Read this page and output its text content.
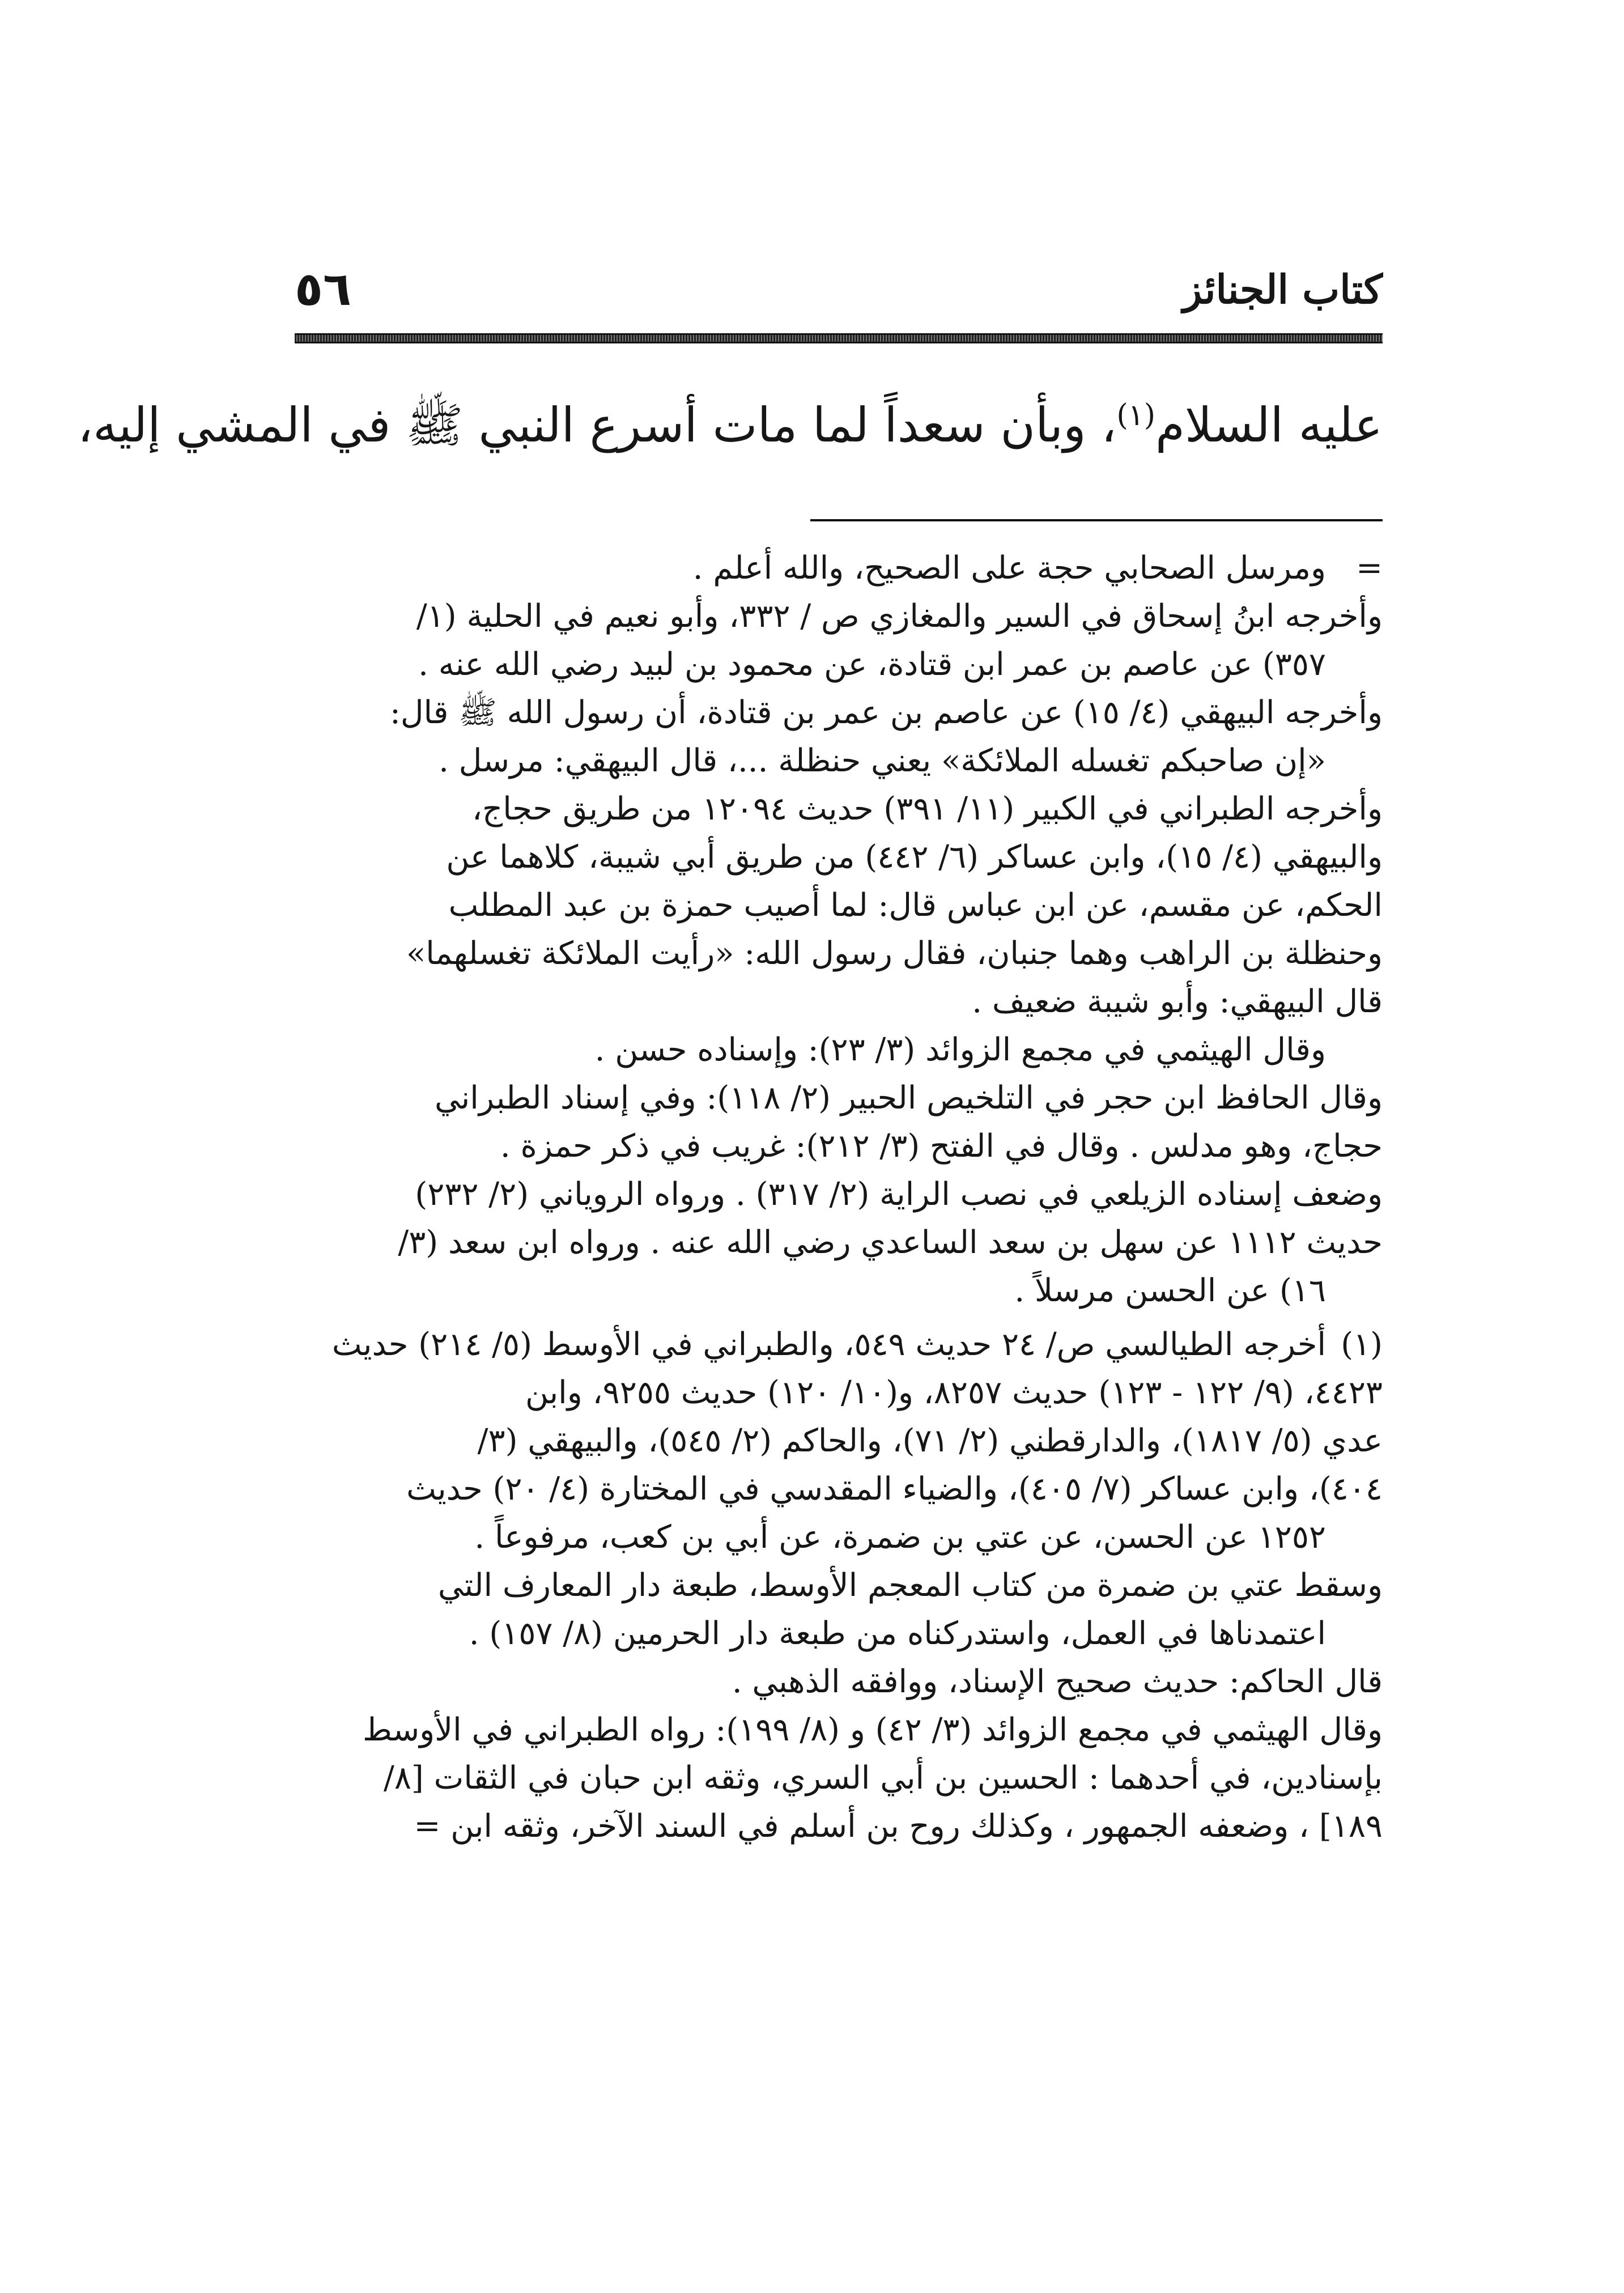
٥٦	كتاب الجنائز
عليه السلام$^{(١)}$، وبأن سعداً لما مات أسرع النبي ﷺ في المشي إليه،
=
ومرسل الصحابي حجة على الصحيح، والله أعلم .
وأخرجه ابنُ إسحاق في السير والمغازي ص / ٣٣٢، وأبو نعيم في الحلية (١/
٣٥٧) عن عاصم بن عمر ابن قتادة، عن محمود بن لبيد رضي الله عنه .
وأخرجه البيهقي (٤/ ١٥) عن عاصم بن عمر بن قتادة، أن رسول الله ﷺ قال:
«إن صاحبكم تغسله الملائكة» يعني حنظلة ...، قال البيهقي: مرسل .
وأخرجه الطبراني في الكبير (١١/ ٣٩١) حديث ١٢٠٩٤ من طريق حجاج،
والبيهقي (٤/ ١٥)، وابن عساكر (٦/ ٤٤٢) من طريق أبي شيبة، كلاهما عن
الحكم، عن مقسم، عن ابن عباس قال: لما أصيب حمزة بن عبد المطلب
وحنظلة بن الراهب وهما جنبان، فقال رسول الله: «رأيت الملائكة تغسلهما»
قال البيهقي: وأبو شيبة ضعيف .
وقال الهيثمي في مجمع الزوائد (٣/ ٢٣): وإسناده حسن .
وقال الحافظ ابن حجر في التلخيص الحبير (٢/ ١١٨): وفي إسناد الطبراني
حجاج، وهو مدلس . وقال في الفتح (٣/ ٢١٢): غريب في ذكر حمزة .
وضعف إسناده الزيلعي في نصب الراية (٢/ ٣١٧) . ورواه الروياني (٢/ ٢٣٢)
حديث ١١١٢ عن سهل بن سعد الساعدي رضي الله عنه . ورواه ابن سعد (٣/
١٦) عن الحسن مرسلاً .
(١)
أخرجه الطيالسي ص/ ٢٤ حديث ٥٤٩، والطبراني في الأوسط (٥/ ٢١٤) حديث
٤٤٢٣، (٩/ ١٢٢ - ١٢٣) حديث ٨٢٥٧، و(١٠/ ١٢٠) حديث ٩٢٥٥، وابن
عدي (٥/ ١٨١٧)، والدارقطني (٢/ ٧١)، والحاكم (٢/ ٥٤٥)، والبيهقي (٣/
٤٠٤)، وابن عساكر (٧/ ٤٠٥)، والضياء المقدسي في المختارة (٤/ ٢٠) حديث
١٢٥٢ عن الحسن، عن عتي بن ضمرة، عن أبي بن كعب، مرفوعاً .
وسقط عتي بن ضمرة من كتاب المعجم الأوسط، طبعة دار المعارف التي
اعتمدناها في العمل، واستدركناه من طبعة دار الحرمين (٨/ ١٥٧) .
قال الحاكم: حديث صحيح الإسناد، ووافقه الذهبي .
وقال الهيثمي في مجمع الزوائد (٣/ ٤٢) و (٨/ ١٩٩): رواه الطبراني في الأوسط
بإسنادين، في أحدهما : الحسين بن أبي السري، وثقه ابن حبان في الثقات [٨/
١٨٩] ، وضعفه الجمهور ، وكذلك روح بن أسلم في السند الآخر، وثقه ابن =
